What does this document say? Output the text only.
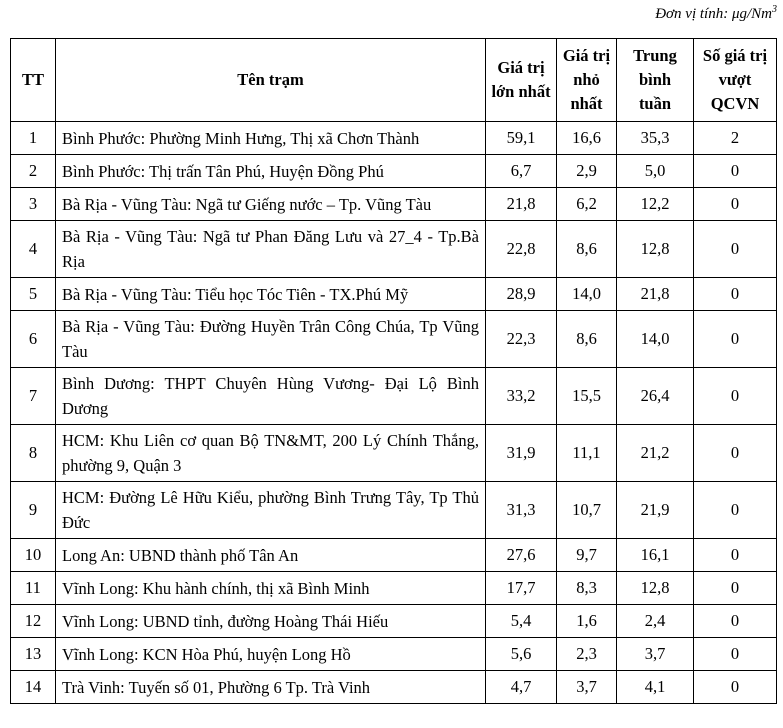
Đơn vị tính: μg/Nm$^3$
TT	Tên trạm	Giá trị lớn nhất	Giá trị nhỏ nhất	Trung bình tuần	Số giá trị vượt QCVN
1	Bình Phước: Phường Minh Hưng, Thị xã Chơn Thành	59,1	16,6	35,3	2
2	Bình Phước: Thị trấn Tân Phú, Huyện Đồng Phú	6,7	2,9	5,0	0
3	Bà Rịa - Vũng Tàu: Ngã tư Giếng nước – Tp. Vũng Tàu	21,8	6,2	12,2	0
4	Bà Rịa - Vũng Tàu: Ngã tư Phan Đăng Lưu và 27_4 - Tp.Bà Rịa	22,8	8,6	12,8	0
5	Bà Rịa - Vũng Tàu: Tiểu học Tóc Tiên - TX.Phú Mỹ	28,9	14,0	21,8	0
6	Bà Rịa - Vũng Tàu: Đường Huyền Trân Công Chúa, Tp Vũng Tàu	22,3	8,6	14,0	0
7	Bình Dương: THPT Chuyên Hùng Vương- Đại Lộ Bình Dương	33,2	15,5	26,4	0
8	HCM: Khu Liên cơ quan Bộ TN&MT, 200 Lý Chính Thắng, phường 9, Quận 3	31,9	11,1	21,2	0
9	HCM: Đường Lê Hữu Kiểu, phường Bình Trưng Tây, Tp Thủ Đức	31,3	10,7	21,9	0
10	Long An: UBND thành phố Tân An	27,6	9,7	16,1	0
11	Vĩnh Long: Khu hành chính, thị xã Bình Minh	17,7	8,3	12,8	0
12	Vĩnh Long: UBND tỉnh, đường Hoàng Thái Hiếu	5,4	1,6	2,4	0
13	Vĩnh Long: KCN Hòa Phú, huyện Long Hồ	5,6	2,3	3,7	0
14	Trà Vinh: Tuyến số 01, Phường 6 Tp. Trà Vinh	4,7	3,7	4,1	0
